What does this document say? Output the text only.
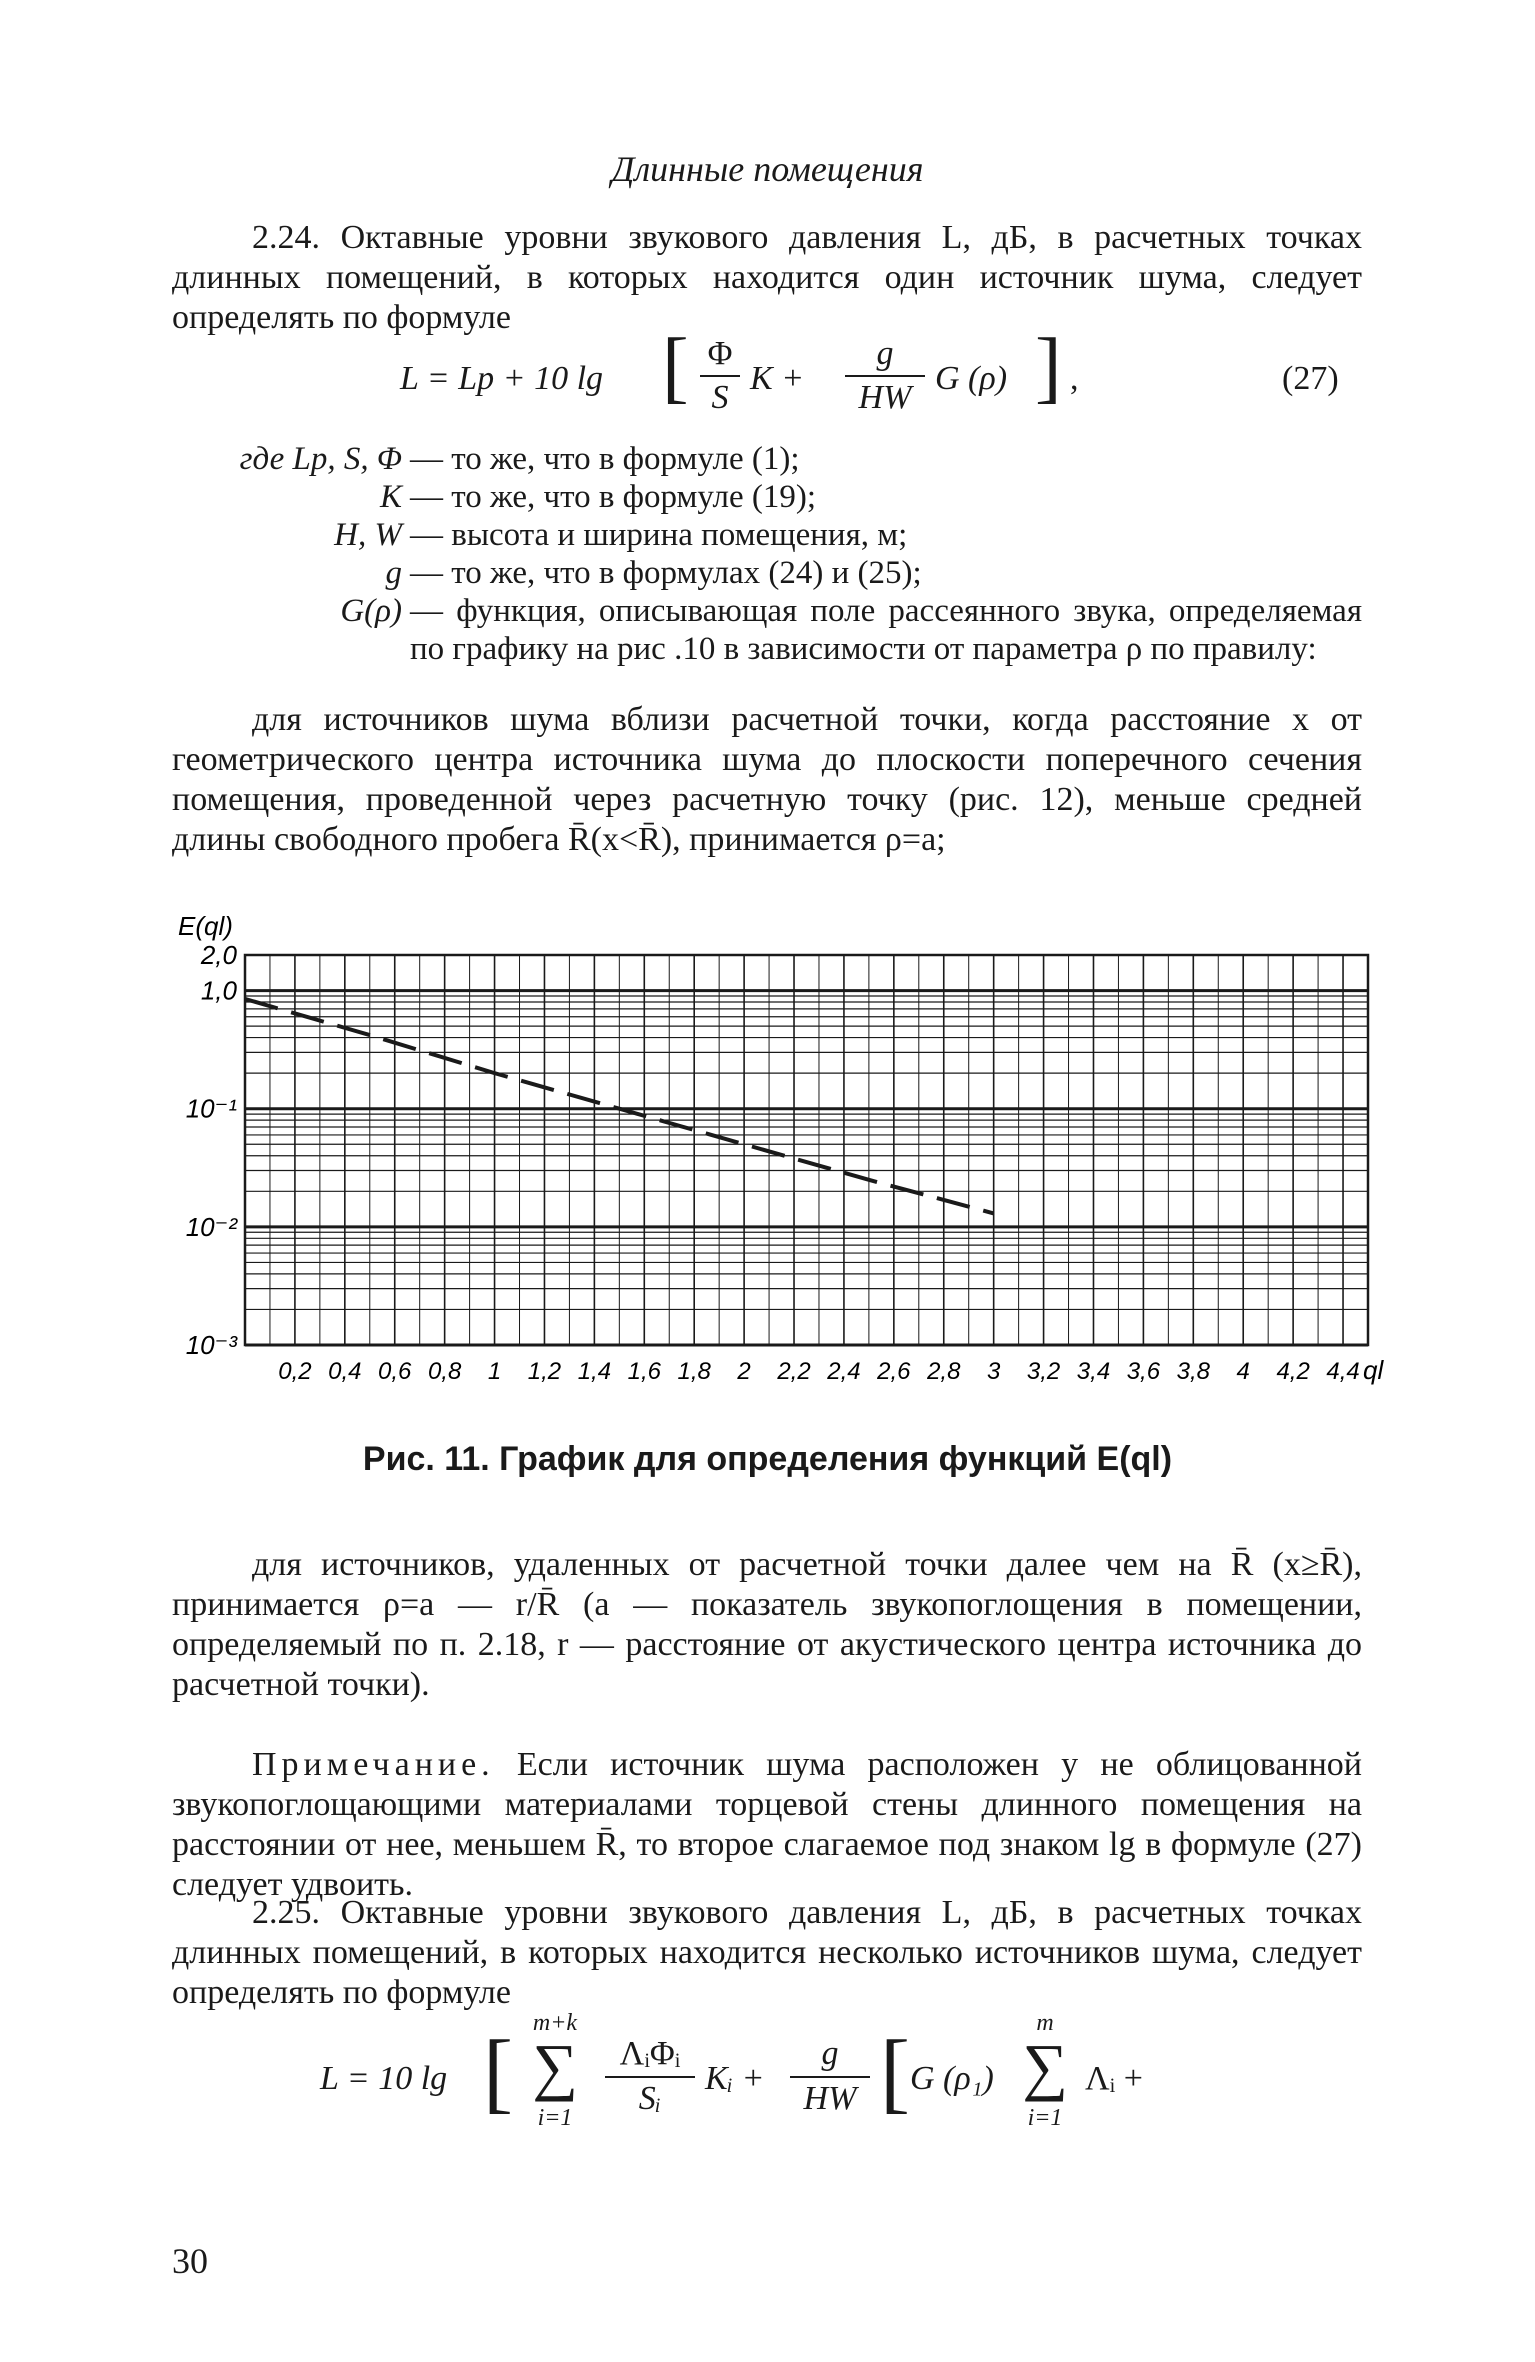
Длинные помещения
2.24. Октавные уровни звукового давления L, дБ, в расчетных точках длинных помещений, в которых находится один источник шума, следует определять по формуле
L = Lp + 10 lg [ Φ
S
K +
g
HW
G (ρ) ] ,	(27)
где Lp, S, Φ — то же, что в формуле (1);
K — то же, что в формуле (19);
H, W — высота и ширина помещения, м;
g — то же, что в формулах (24) и (25);
G(ρ) — функция, описывающая поле рассеянного звука, определяемая по графику на рис .10 в зависимости от параметра ρ по правилу:
для источников шума вблизи расчетной точки, когда расстояние x от геометрического центра источника шума до плоскости поперечного сечения помещения, проведенной через расчетную точку (рис. 12), меньше средней длины свободного пробега R̄(x<R̄), принимается ρ=a;
E(ql)
2,0
1,0
10⁻¹
10⁻²
10⁻³
0,2 0,4 0,6 0,8 1 1,2 1,4 1,6 1,8 2 2,2 2,4 2,6 2,8 3 3,2 3,4 3,6 3,8 4 4,2 4,4 ql
Рис. 11. График для определения функций E(ql)
для источников, удаленных от расчетной точки далее чем на R̄ (x≥R̄), принимается ρ=a — r/R̄ (a — показатель звукопоглощения в помещении, определяемый по п. 2.18, r — расстояние от акустического центра источника до расчетной точки).
Примечание. Если источник шума расположен у не облицованной звукопоглощающими материалами торцевой стены длинного помещения на расстоянии от нее, меньшем R̄, то второе слагаемое под знаком lg в формуле (27) следует удвоить.
2.25. Октавные уровни звукового давления L, дБ, в расчетных точках длинных помещений, в которых находится несколько источников шума, следует определять по формуле
L = 10 lg [ m+k
∑
i=1
ΛᵢΦᵢ
Sᵢ
Kᵢ +
g
HW [ G (ρ₁)
m
∑
i=1
Λᵢ +
30
